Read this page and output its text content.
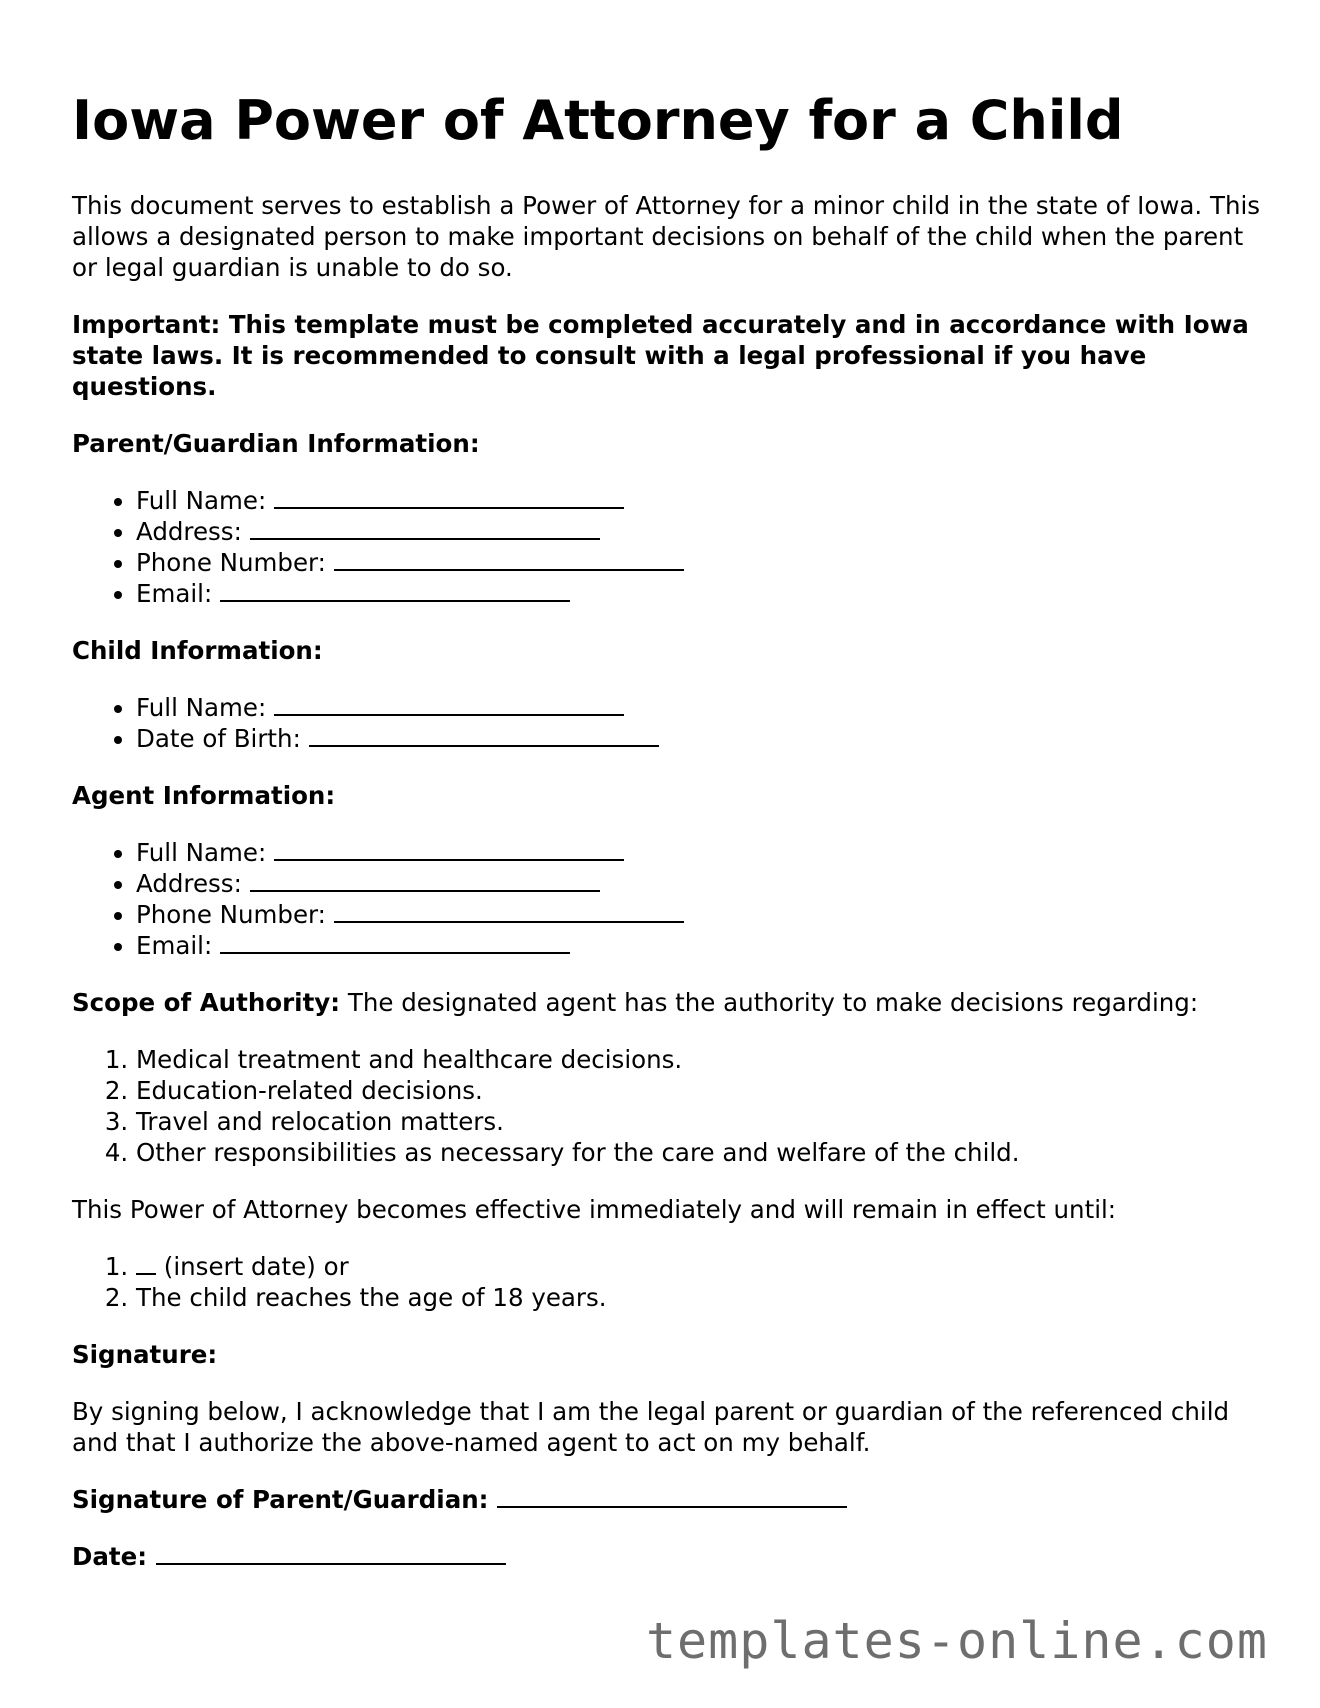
Iowa Power of Attorney for a Child

This document serves to establish a Power of Attorney for a minor child in the state of Iowa. This allows a designated person to make important decisions on behalf of the child when the parent or legal guardian is unable to do so.

Important: This template must be completed accurately and in accordance with Iowa state laws. It is recommended to consult with a legal professional if you have questions.

Parent/Guardian Information:
• Full Name:
• Address:
• Phone Number:
• Email:
Child Information:
• Full Name:
• Date of Birth:
Agent Information:
• Full Name:
• Address:
• Phone Number:
• Email:

Scope of Authority: The designated agent has the authority to make decisions regarding:

1. Medical treatment and healthcare decisions.
2. Education-related decisions.
3. Travel and relocation matters.
4. Other responsibilities as necessary for the care and welfare of the child.

This Power of Attorney becomes effective immediately and will remain in effect until:

1. (insert date) or
2. The child reaches the age of 18 years.
Signature:

By signing below, I acknowledge that I am the legal parent or guardian of the referenced child and that I authorize the above-named agent to act on my behalf.

Signature of Parent/Guardian:

Date:

templates-online.com
